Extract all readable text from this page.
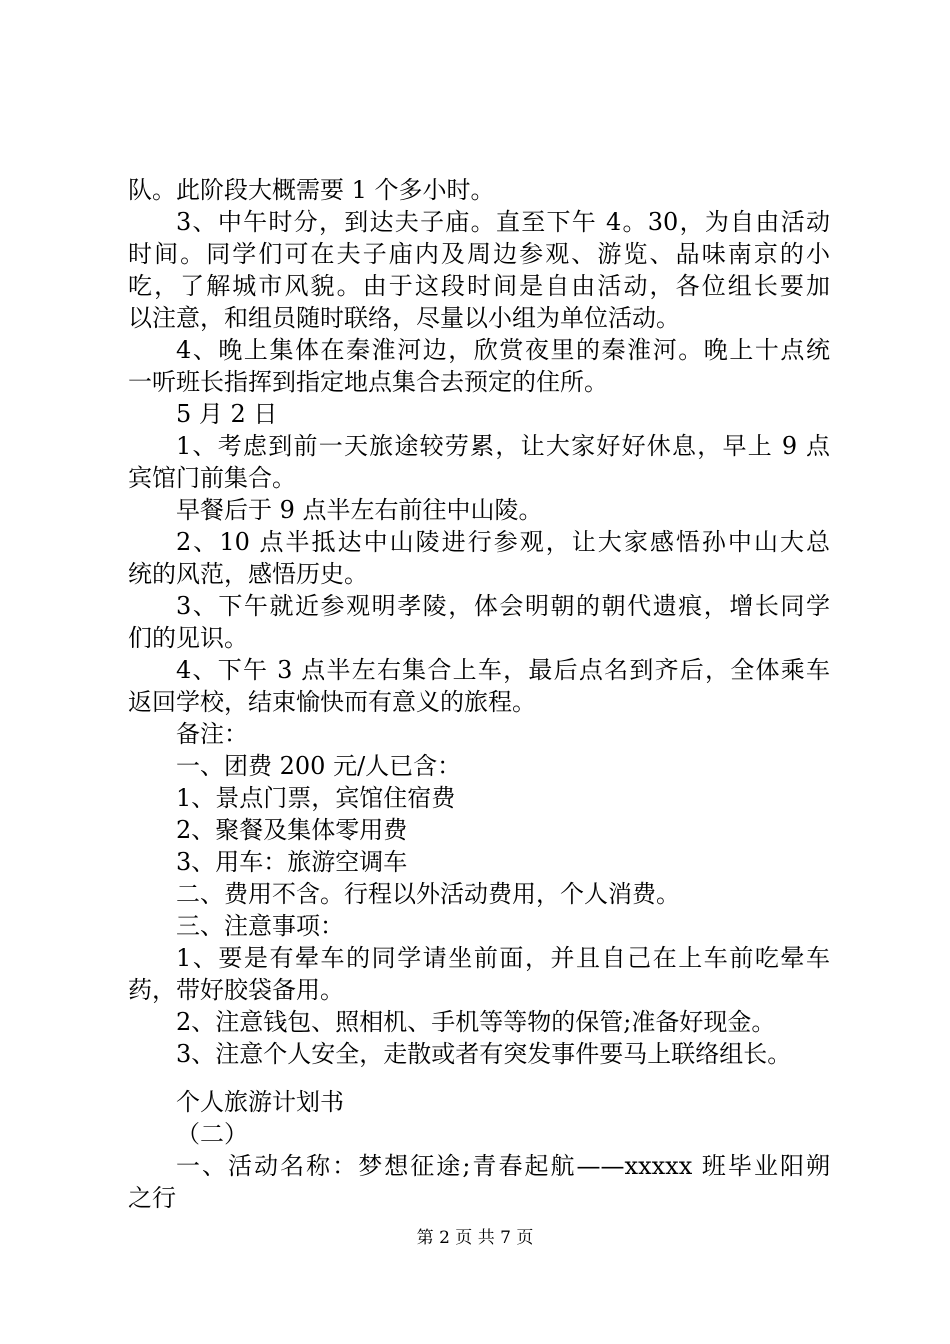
队。此阶段大概需要 1 个多小时。
3、中午时分，到达夫子庙。直至下午 4。30，为自由活动
时间。同学们可在夫子庙内及周边参观、游览、品味南京的小
吃，了解城市风貌。由于这段时间是自由活动，各位组长要加
以注意，和组员随时联络，尽量以小组为单位活动。
4、晚上集体在秦淮河边，欣赏夜里的秦淮河。晚上十点统
一听班长指挥到指定地点集合去预定的住所。
5 月 2 日
1、考虑到前一天旅途较劳累，让大家好好休息，早上 9 点
宾馆门前集合。
早餐后于 9 点半左右前往中山陵。
2、10 点半抵达中山陵进行参观，让大家感悟孙中山大总
统的风范，感悟历史。
3、下午就近参观明孝陵，体会明朝的朝代遗痕，增长同学
们的见识。
4、下午 3 点半左右集合上车，最后点名到齐后，全体乘车
返回学校，结束愉快而有意义的旅程。
备注：
一、团费 200 元/人已含：
1、景点门票，宾馆住宿费
2、聚餐及集体零用费
3、用车：旅游空调车
二、费用不含。行程以外活动费用，个人消费。
三、注意事项：
1、要是有晕车的同学请坐前面，并且自己在上车前吃晕车
药，带好胶袋备用。
2、注意钱包、照相机、手机等等物的保管;准备好现金。
3、注意个人安全，走散或者有突发事件要马上联络组长。
个人旅游计划书
（二）
一、活动名称：梦想征途;青春起航——xxxxx 班毕业阳朔
之行
第 2 页 共 7 页
